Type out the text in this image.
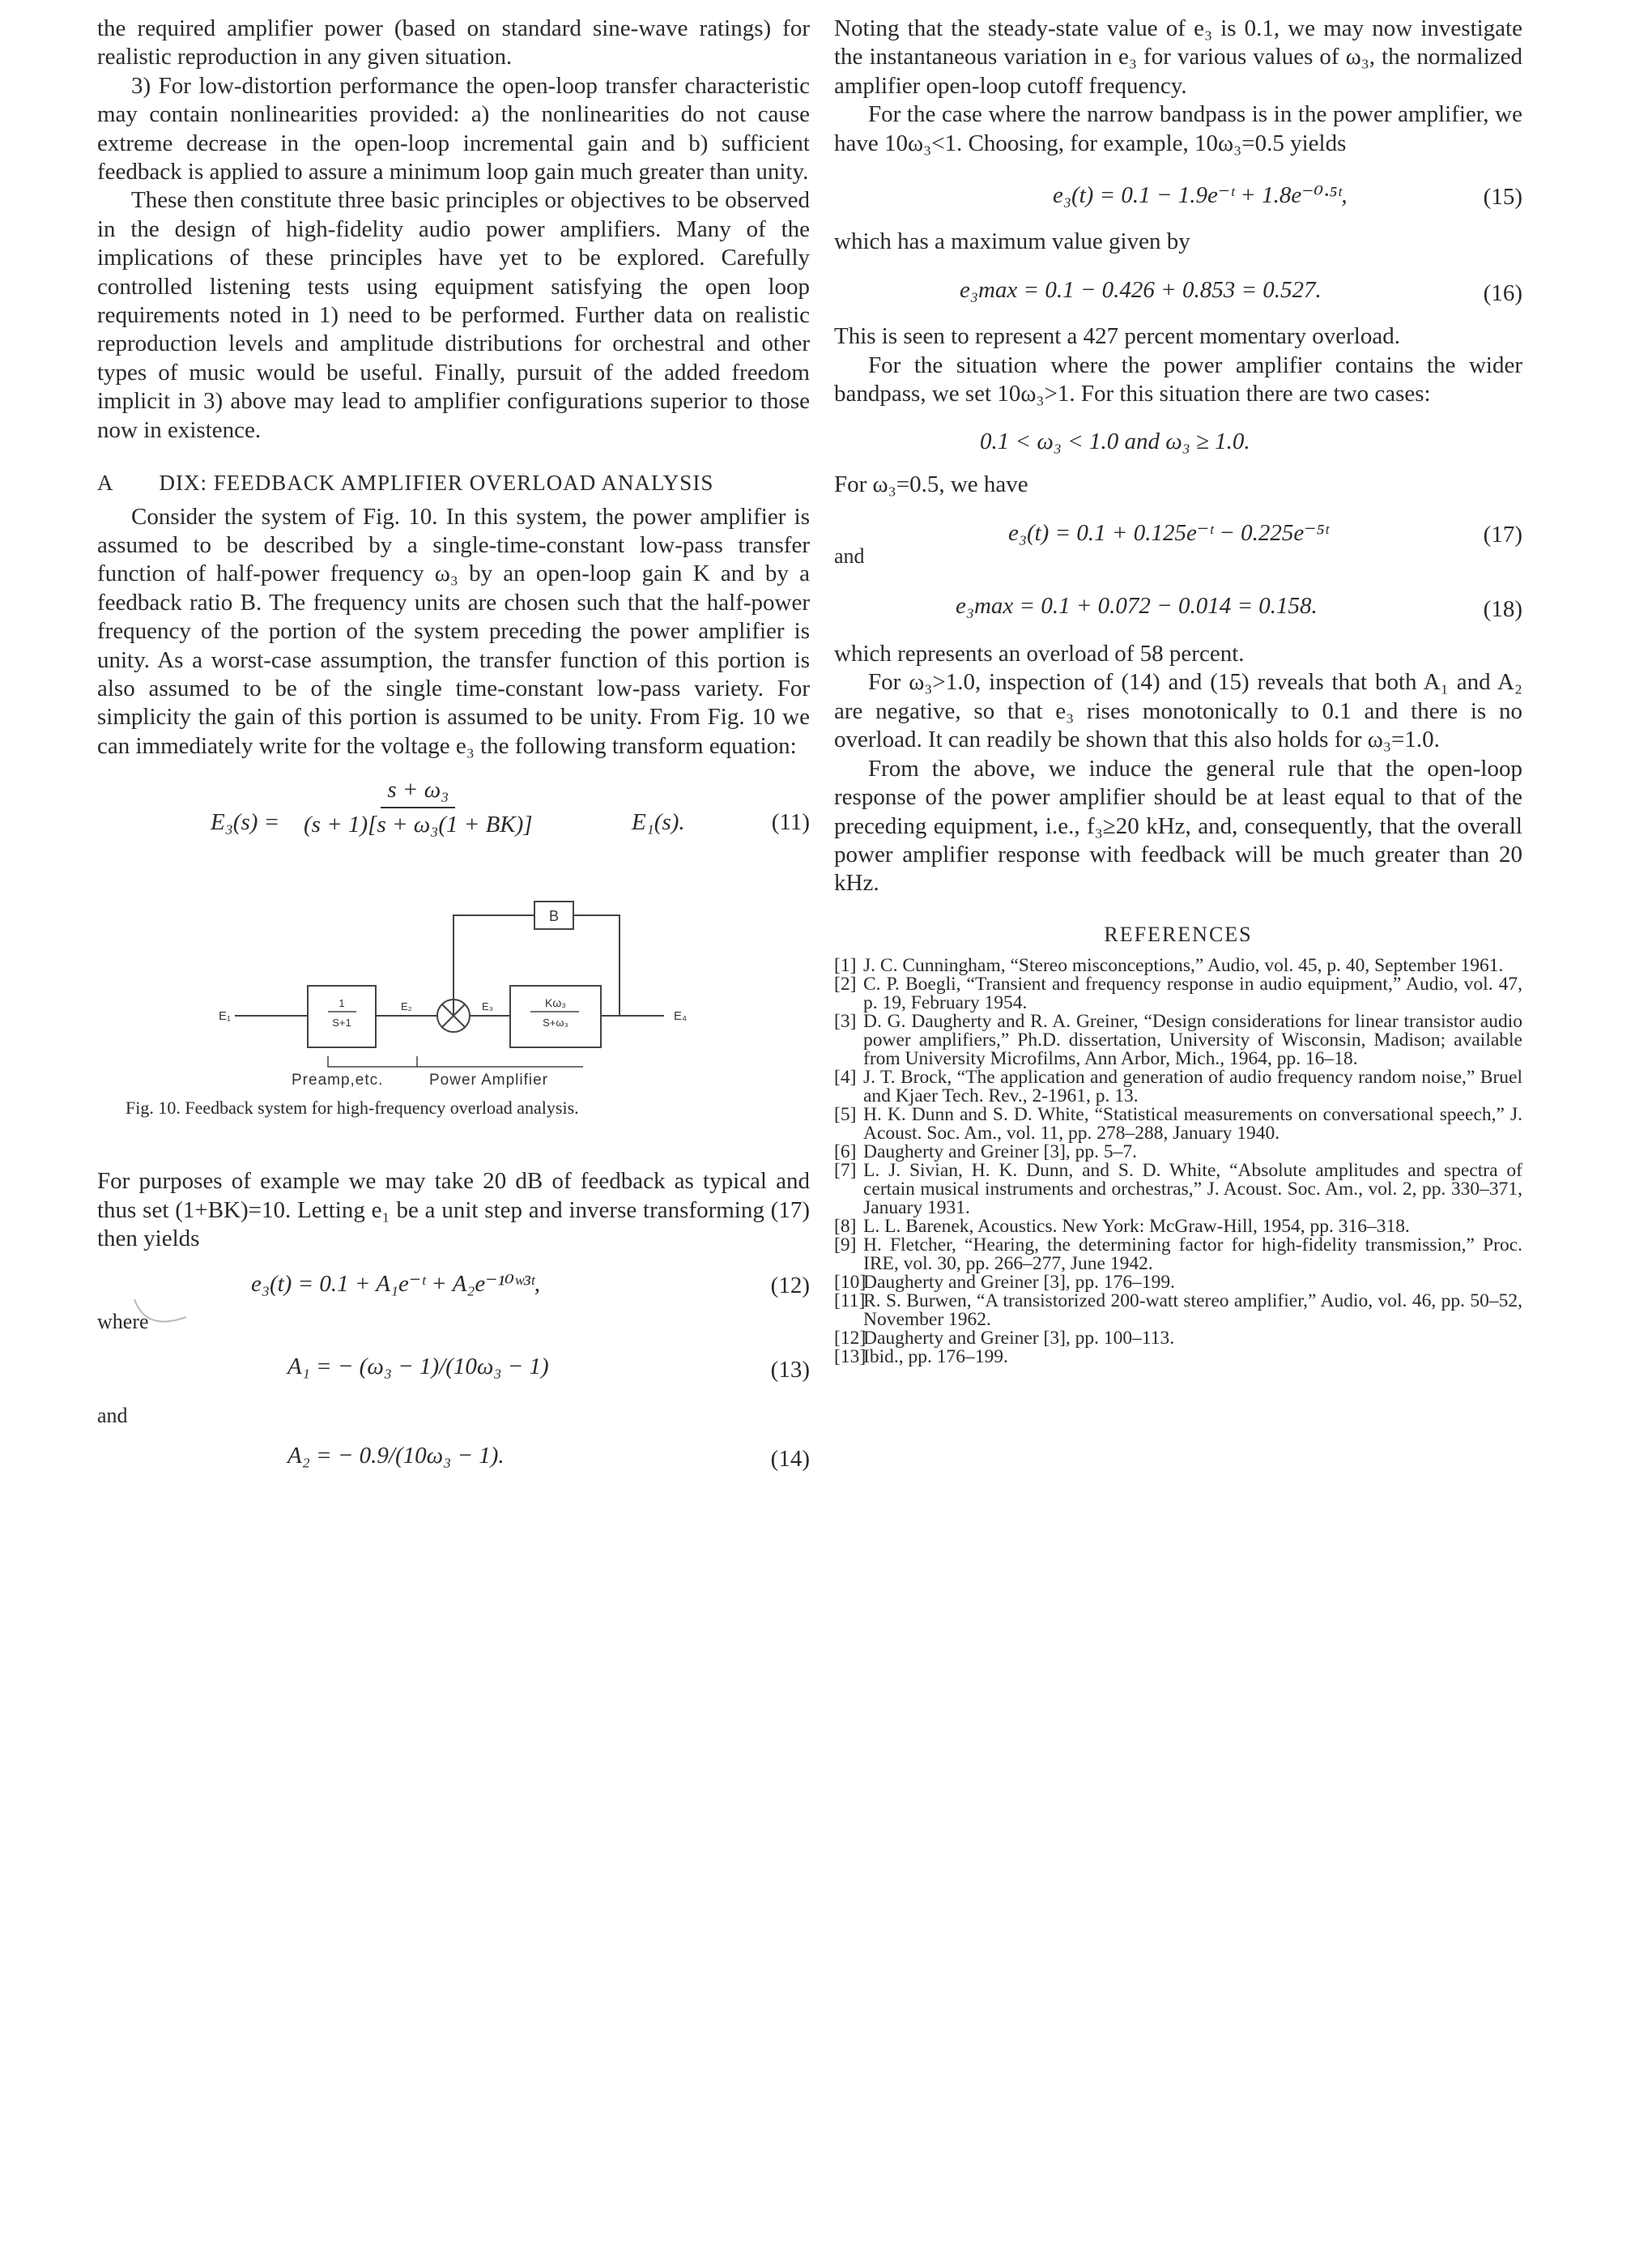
the required amplifier power (based on standard sine-wave ratings) for realistic reproduction in any given situation.

3) For low-distortion performance the open-loop transfer characteristic may contain nonlinearities provided: a) the nonlinearities do not cause extreme decrease in the open-loop incremental gain and b) sufficient feedback is applied to assure a minimum loop gain much greater than unity.

These then constitute three basic principles or objectives to be observed in the design of high-fidelity audio power amplifiers. Many of the implications of these principles have yet to be explored. Carefully controlled listening tests using equipment satisfying the open loop requirements noted in 1) need to be performed. Further data on realistic reproduction levels and amplitude distributions for orchestral and other types of music would be useful. Finally, pursuit of the added freedom implicit in 3) above may lead to amplifier configurations superior to those now in existence.

A  DIX: FEEDBACK AMPLIFIER OVERLOAD ANALYSIS

Consider the system of Fig. 10. In this system, the power amplifier is assumed to be described by a single-time-constant low-pass transfer function of half-power frequency ω₃ by an open-loop gain K and by a feedback ratio B. The frequency units are chosen such that the half-power frequency of the portion of the system preceding the power amplifier is unity. As a worst-case assumption, the transfer function of this portion is also assumed to be of the single time-constant low-pass variety. For simplicity the gain of this portion is assumed to be unity. From Fig. 10 we can immediately write for the voltage e₃ the following transform equation:

$E_3(s) = \frac{\text{s + ω₃}}{\text{(s + 1)[s + ω₃(1 + BK)]}}$	E₁(s).	(11)
B
1
S+1
Kω₃
S+ω₃
E₁
E₂	E₃
E₄
Preamp,etc.	Power Amplifier
Fig. 10. Feedback system for high-frequency overload analysis.

For purposes of example we may take 20 dB of feedback as typical and thus set (1+BK)=10. Letting e₁ be a unit step and inverse transforming (17) then yields

e₃(t) = 0.1 + A₁e⁻ᵗ + A₂e⁻¹⁰ʷ³ᵗ,	(12)
where
A₁ = − (ω₃ − 1)/(10ω₃ − 1)	(13)
and
A₂ = − 0.9/(10ω₃ − 1).	(14)

Noting that the steady-state value of e₃ is 0.1, we may now investigate the instantaneous variation in e₃ for various values of ω₃, the normalized amplifier open-loop cutoff frequency.

For the case where the narrow bandpass is in the power amplifier, we have 10ω₃<1. Choosing, for example, 10ω₃=0.5 yields

e₃(t) = 0.1 − 1.9e⁻ᵗ + 1.8e⁻⁰·⁵ᵗ,	(15)

which has a maximum value given by

e₃max = 0.1 − 0.426 + 0.853 = 0.527.	(16)

This is seen to represent a 427 percent momentary overload.

For the situation where the power amplifier contains the wider bandpass, we set 10ω₃>1. For this situation there are two cases:

0.1 < ω₃ < 1.0 and ω₃ ≥ 1.0.

For ω₃=0.5, we have

e₃(t) = 0.1 + 0.125e⁻ᵗ − 0.225e⁻⁵ᵗ	(17)
and
e₃max = 0.1 + 0.072 − 0.014 = 0.158.	(18)

which represents an overload of 58 percent.

For ω₃>1.0, inspection of (14) and (15) reveals that both A₁ and A₂ are negative, so that e₃ rises monotonically to 0.1 and there is no overload. It can readily be shown that this also holds for ω₃=1.0.

From the above, we induce the general rule that the open-loop response of the power amplifier should be at least equal to that of the preceding equipment, i.e., f₃≥20 kHz, and, consequently, that the overall power amplifier response with feedback will be much greater than 20 kHz.

REFERENCES

[1] J. C. Cunningham, “Stereo misconceptions,” Audio, vol. 45, p. 40, September 1961.

[2] C. P. Boegli, “Transient and frequency response in audio equipment,” Audio, vol. 47, p. 19, February 1954.

[3] D. G. Daugherty and R. A. Greiner, “Design considerations for linear transistor audio power amplifiers,” Ph.D. dissertation, University of Wisconsin, Madison; available from University Microfilms, Ann Arbor, Mich., 1964, pp. 16–18.

[4] J. T. Brock, “The application and generation of audio frequency random noise,” Bruel and Kjaer Tech. Rev., 2-1961, p. 13.

[5] H. K. Dunn and S. D. White, “Statistical measurements on conversational speech,” J. Acoust. Soc. Am., vol. 11, pp. 278–288, January 1940.

[6] Daugherty and Greiner [3], pp. 5–7.

[7] L. J. Sivian, H. K. Dunn, and S. D. White, “Absolute amplitudes and spectra of certain musical instruments and orchestras,” J. Acoust. Soc. Am., vol. 2, pp. 330–371, January 1931.

[8] L. L. Barenek, Acoustics. New York: McGraw-Hill, 1954, pp. 316–318.

[9] H. Fletcher, “Hearing, the determining factor for high-fidelity transmission,” Proc. IRE, vol. 30, pp. 266–277, June 1942.

[10]
Daugherty and Greiner [3], pp. 176–199.

[11]
R. S. Burwen, “A transistorized 200-watt stereo amplifier,” Audio, vol. 46, pp. 50–52, November 1962.

[12]
Daugherty and Greiner [3], pp. 100–113.

[13]
Ibid., pp. 176–199.
